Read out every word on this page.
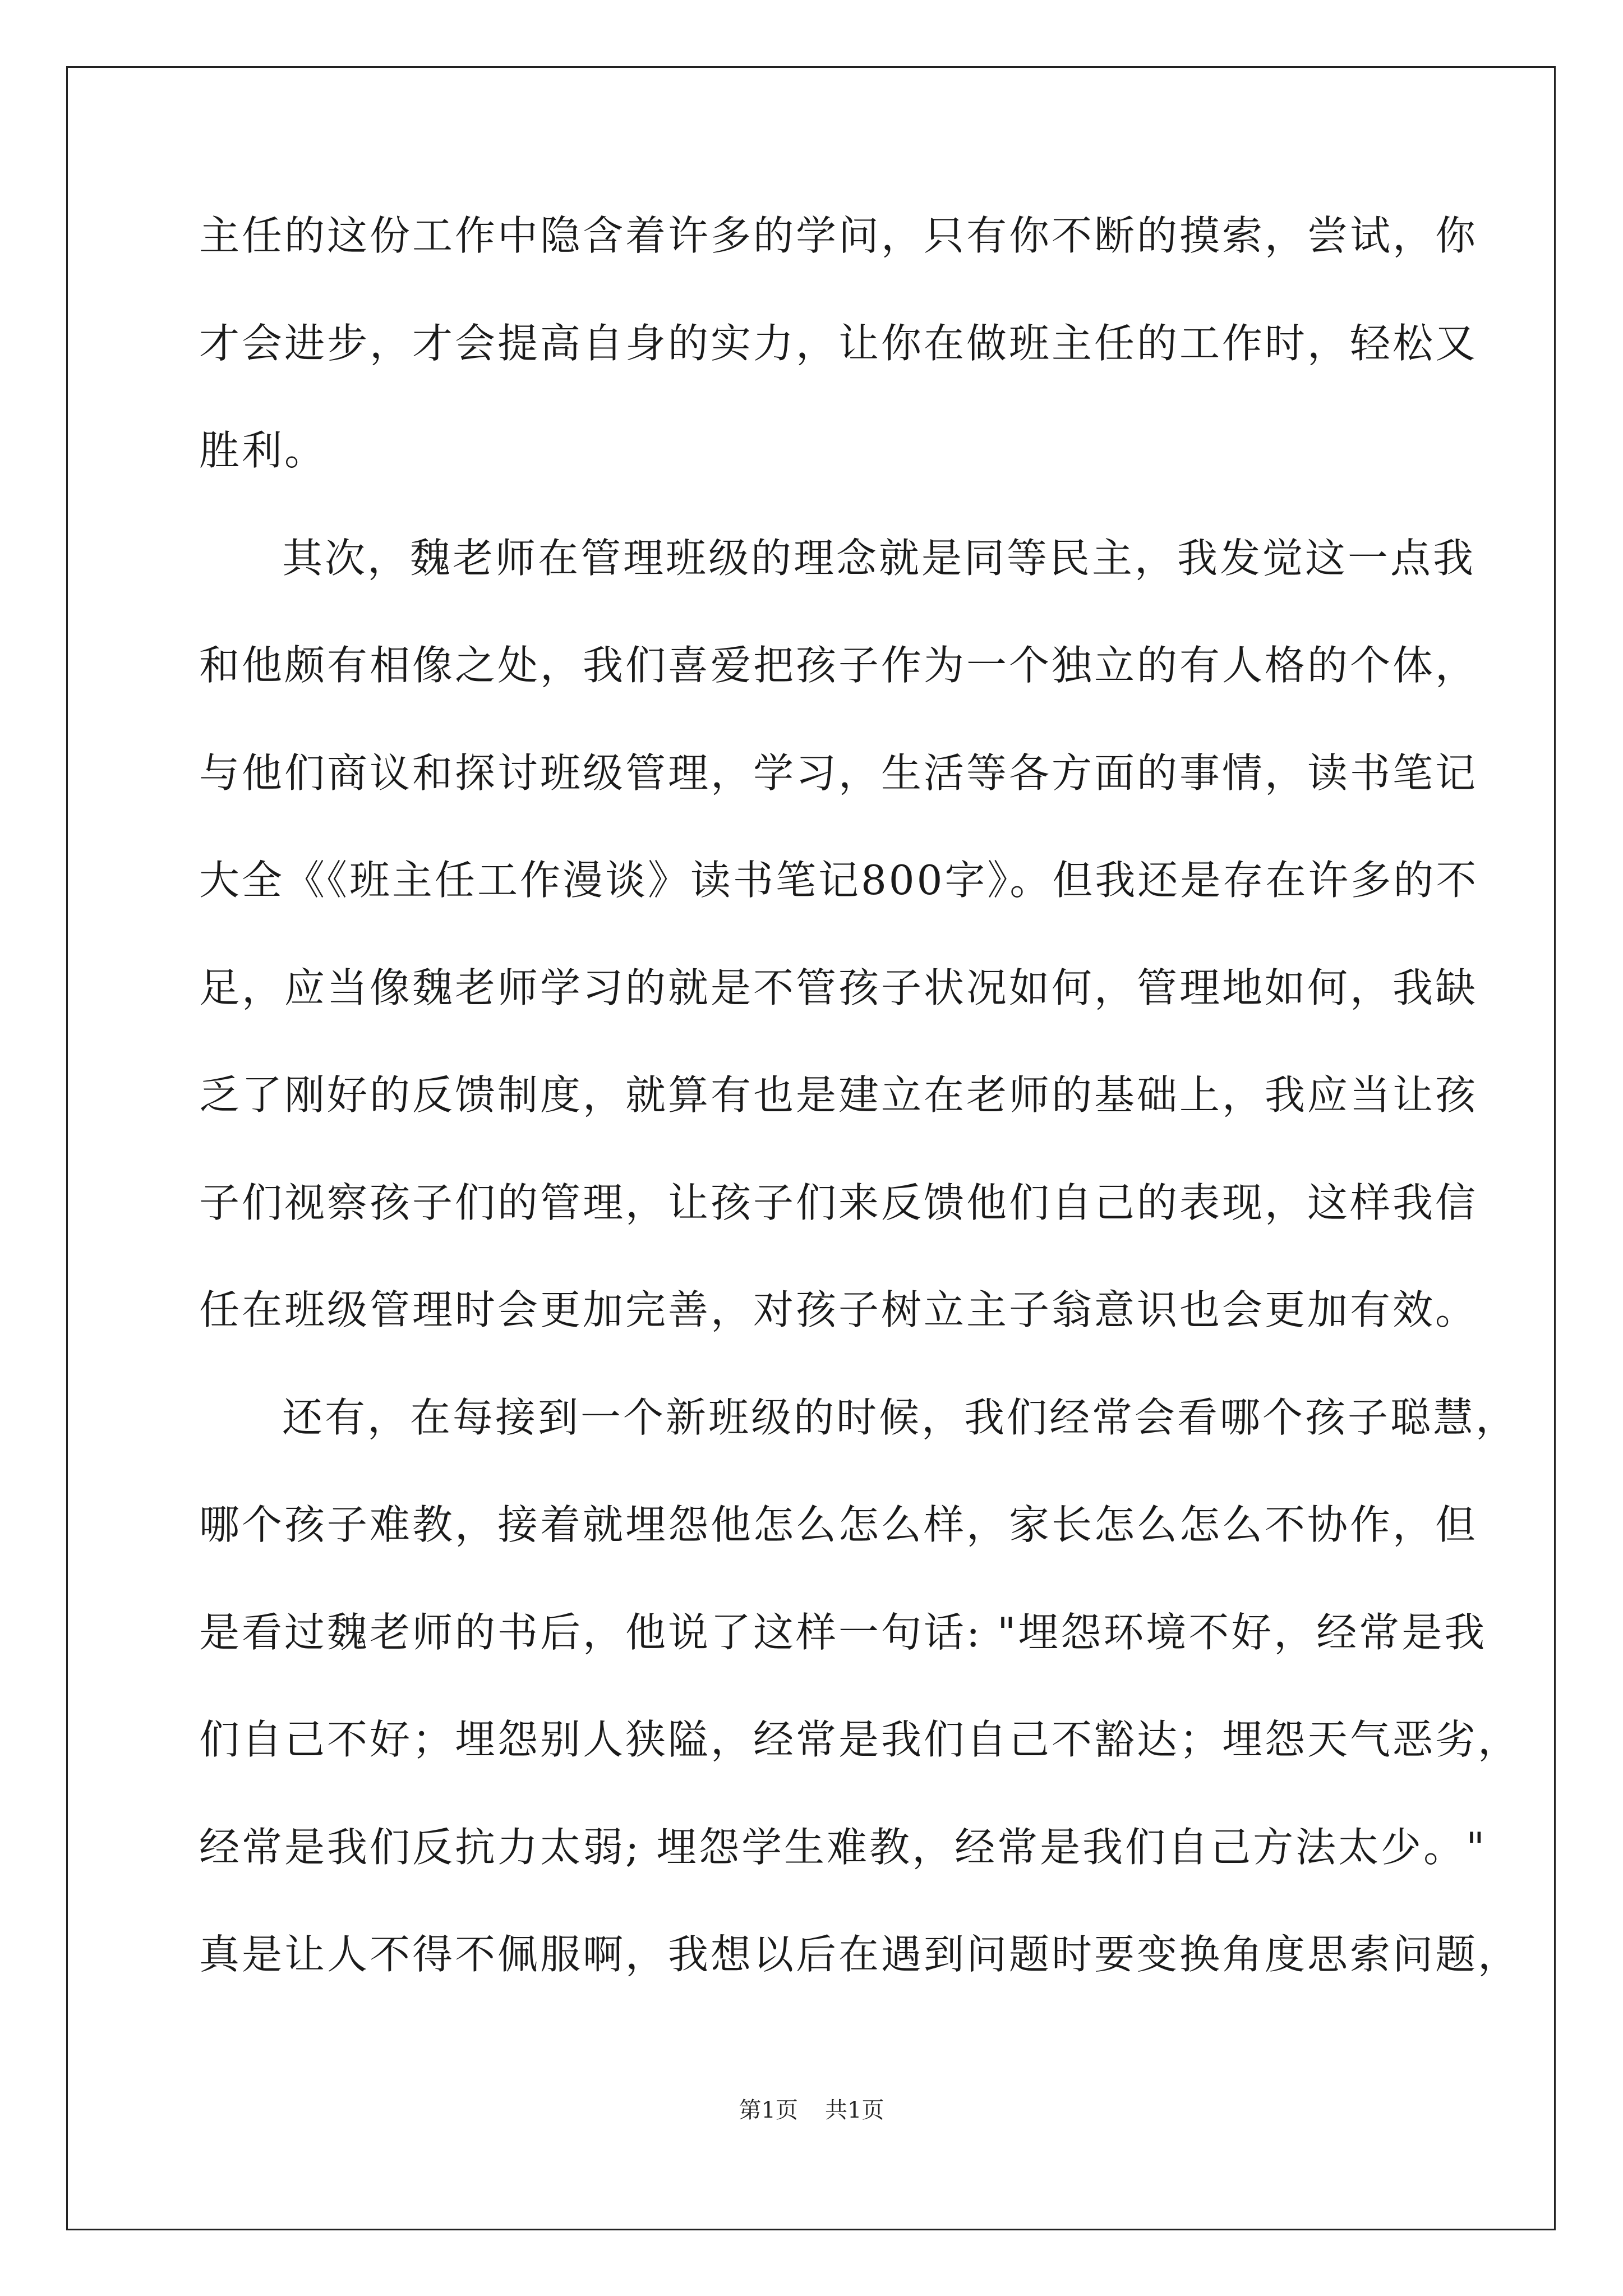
主任的这份工作中隐含着许多的学问，只有你不断的摸索，尝试，你
才会进步，才会提高自身的实力，让你在做班主任的工作时，轻松又
胜利。
其次，魏老师在管理班级的理念就是同等民主，我发觉这一点我
和他颇有相像之处，我们喜爱把孩子作为一个独立的有人格的个体，
与他们商议和探讨班级管理，学习，生活等各方面的事情，读书笔记
大全《《班主任工作漫谈》读书笔记800字》。但我还是存在许多的不
足，应当像魏老师学习的就是不管孩子状况如何，管理地如何，我缺
乏了刚好的反馈制度，就算有也是建立在老师的基础上，我应当让孩
子们视察孩子们的管理，让孩子们来反馈他们自己的表现，这样我信
任在班级管理时会更加完善，对孩子树立主子翁意识也会更加有效。
还有，在每接到一个新班级的时候，我们经常会看哪个孩子聪慧，
哪个孩子难教，接着就埋怨他怎么怎么样，家长怎么怎么不协作，但
是看过魏老师的书后，他说了这样一句话: "埋怨环境不好，经常是我
们自己不好；埋怨别人狭隘，经常是我们自己不豁达；埋怨天气恶劣，
经常是我们反抗力太弱; 埋怨学生难教，经常是我们自己方法太少。"
真是让人不得不佩服啊，我想以后在遇到问题时要变换角度思索问题，
第1页 共1页
